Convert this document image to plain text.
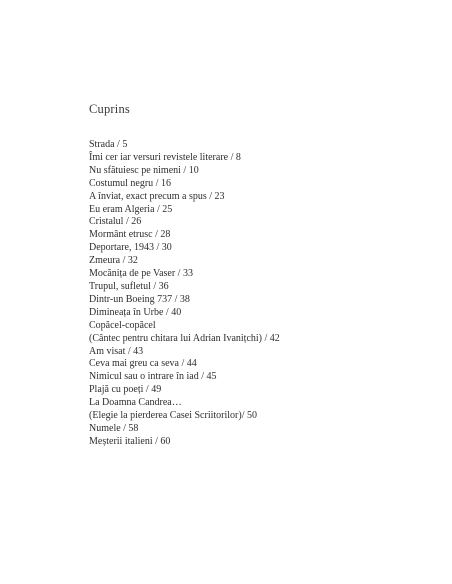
Cuprins
Strada / 5
Îmi cer iar versuri revistele literare / 8
Nu sfătuiesc pe nimeni / 10
Costumul negru / 16
A înviat, exact precum a spus / 23
Eu eram Algeria / 25
Cristalul / 26
Mormânt etrusc / 28
Deportare, 1943 / 30
Zmeura / 32
Mocănița de pe Vaser / 33
Trupul, sufletul / 36
Dintr-un Boeing 737 / 38
Dimineața în Urbe / 40
Copăcel-copăcel
(Cântec pentru chitara lui Adrian Ivanițchi) / 42
Am visat / 43
Ceva mai greu ca seva / 44
Nimicul sau o intrare în iad / 45
Plajă cu poeți / 49
La Doamna Candrea…
(Elegie la pierderea Casei Scriitorilor)/ 50
Numele / 58
Meșterii italieni / 60
